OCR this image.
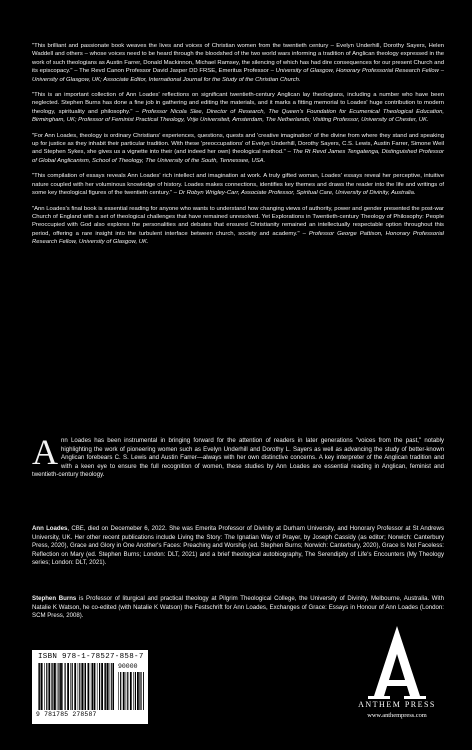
"This brilliant and passionate book weaves the lives and voices of Christian women from the twentieth century – Evelyn Underhill, Dorothy Sayers, Helen Waddell and others – whose voices need to be heard through the bloodshed of the two world wars informing a tradition of Anglican theology expressed in the work of such theologians as Austin Farrer, Donald Mackinnon, Michael Ramsey, the silencing of which has had dire consequences for our present Church and its episcopacy." – The Revd Canon Professor David Jasper DD FRSE, Emeritus Professor – University of Glasgow, Honorary Professorial Research Fellow – University of Glasgow, UK; Associate Editor, International Journal for the Study of the Christian Church.

"This is an important collection of Ann Loades' reflections on significant twentieth-century Anglican lay theologians, including a number who have been neglected. Stephen Burns has done a fine job in gathering and editing the materials, and it marks a fitting memorial to Loades' huge contribution to modern theology, spirituality and philosophy." – Professor Nicola Slee, Director of Research, The Queen's Foundation for Ecumenical Theological Education, Birmingham, UK; Professor of Feminist Practical Theology, Vrije Universiteit, Amsterdam, The Netherlands; Visiting Professor, University of Chester, UK.

"For Ann Loades, theology is ordinary Christians' experiences, questions, quests and 'creative imagination' of the divine from where they stand and speaking up for justice as they inhabit their particular tradition. With these 'preoccupations' of Evelyn Underhill, Dorothy Sayers, C.S. Lewis, Austin Farrer, Simone Weil and Stephen Sykes, she gives us a vignette into their (and indeed her own) theological method." – The Rt Revd James Tengatenga, Distinguished Professor of Global Anglicanism, School of Theology, The University of the South, Tennessee, USA.

"This compilation of essays reveals Ann Loades' rich intellect and imagination at work. A truly gifted woman, Loades' essays reveal her perceptive, intuitive nature coupled with her voluminous knowledge of history. Loades makes connections, identifies key themes and draws the reader into the life and writings of some key theological figures of the twentieth century." – Dr Robyn Wrigley-Carr, Associate Professor, Spiritual Care, University of Divinity, Australia.

"Ann Loades's final book is essential reading for anyone who wants to understand how changing views of authority, power and gender presented the post-war Church of England with a set of theological challenges that have remained unresolved. Yet Explorations in Twentieth-century Theology of Philosophy: People Preoccupied with God also explores the personalities and debates that ensured Christianity remained an intellectually respectable option throughout this period, offering a rare insight into the turbulent interface between church, society and academy." – Professor George Pattison, Honorary Professorial Research Fellow, University of Glasgow, UK.

Ann Loades has been instrumental in bringing forward for the attention of readers in later generations "voices from the past," notably highlighting the work of pioneering women such as Evelyn Underhill and Dorothy L. Sayers as well as advancing the study of better-known Anglican forebears C. S. Lewis and Austin Farrer—always with her own distinctive concerns. A key interpreter of the Anglican tradition and with a keen eye to ensure the full recognition of women, these studies by Ann Loades are essential reading in Anglican, feminist and twentieth-century theology.

Ann Loades, CBE, died on Decemeber 6, 2022. She was Emerita Professor of Divinity at Durham University, and Honorary Professor at St Andrews University, UK. Her other recent publications include Living the Story: The Ignatian Way of Prayer, by Joseph Cassidy (as editor; Norwich: Canterbury Press, 2020), Grace and Glory in One Another's Faces: Preaching and Worship (ed. Stephen Burns; Norwich: Canterbury, 2020), Grace Is Not Faceless: Reflection on Mary (ed. Stephen Burns; London: DLT, 2021) and a brief theological autobiography, The Serendipity of Life's Encounters (My Theology series; London: DLT, 2021).

Stephen Burns is Professor of liturgical and practical theology at Pilgrim Theological College, the University of Divinity, Melbourne, Australia. With Natalie K Watson, he co-edited (with Natalie K Watson) the Festschrift for Ann Loades, Exchanges of Grace: Essays in Honour of Ann Loades (London: SCM Press, 2008).

ISBN 978-1-78527-858-7
9 781785 278587
90000
ANTHEM PRESS
www.anthempress.com
